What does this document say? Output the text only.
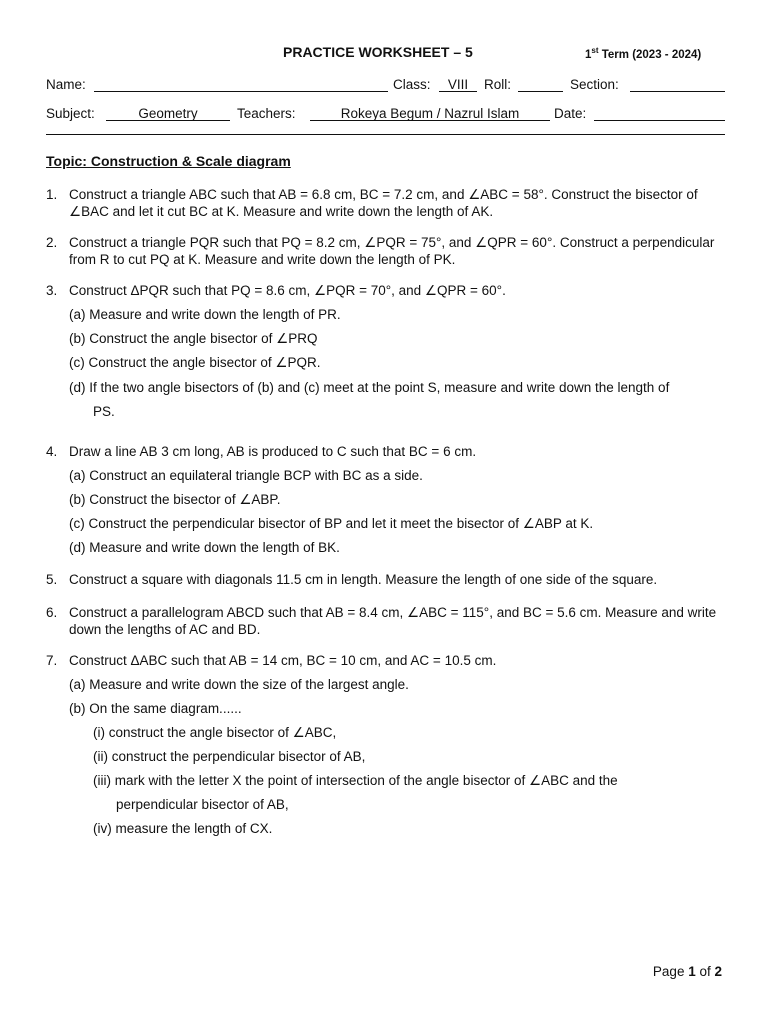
PRACTICE WORKSHEET – 5	1st Term (2023 - 2024)
Name:	Class:	VIII	Roll:	Section:
Subject:	Geometry	Teachers:	Rokeya Begum / Nazrul Islam	Date:
Topic: Construction & Scale diagram
1. Construct a triangle ABC such that AB = 6.8 cm, BC = 7.2 cm, and ∠ABC = 58°. Construct the bisector of ∠BAC and let it cut BC at K. Measure and write down the length of AK.
2. Construct a triangle PQR such that PQ = 8.2 cm, ∠PQR = 75°, and ∠QPR = 60°. Construct a perpendicular from R to cut PQ at K. Measure and write down the length of PK.
3. Construct ΔPQR such that PQ = 8.6 cm, ∠PQR = 70°, and ∠QPR = 60°.
(a) Measure and write down the length of PR.
(b) Construct the angle bisector of ∠PRQ
(c) Construct the angle bisector of ∠PQR.
(d) If the two angle bisectors of (b) and (c) meet at the point S, measure and write down the length of
PS.
4. Draw a line AB 3 cm long, AB is produced to C such that BC = 6 cm.
(a) Construct an equilateral triangle BCP with BC as a side.
(b) Construct the bisector of ∠ABP.
(c) Construct the perpendicular bisector of BP and let it meet the bisector of ∠ABP at K.
(d) Measure and write down the length of BK.
5. Construct a square with diagonals 11.5 cm in length. Measure the length of one side of the square.
6. Construct a parallelogram ABCD such that AB = 8.4 cm, ∠ABC = 115°, and BC = 5.6 cm. Measure and write down the lengths of AC and BD.
7. Construct ΔABC such that AB = 14 cm, BC = 10 cm, and AC = 10.5 cm.
(a) Measure and write down the size of the largest angle.
(b) On the same diagram......
(i) construct the angle bisector of ∠ABC,
(ii) construct the perpendicular bisector of AB,
(iii) mark with the letter X the point of intersection of the angle bisector of ∠ABC and the
perpendicular bisector of AB,
(iv) measure the length of CX.
Page 1 of 2
